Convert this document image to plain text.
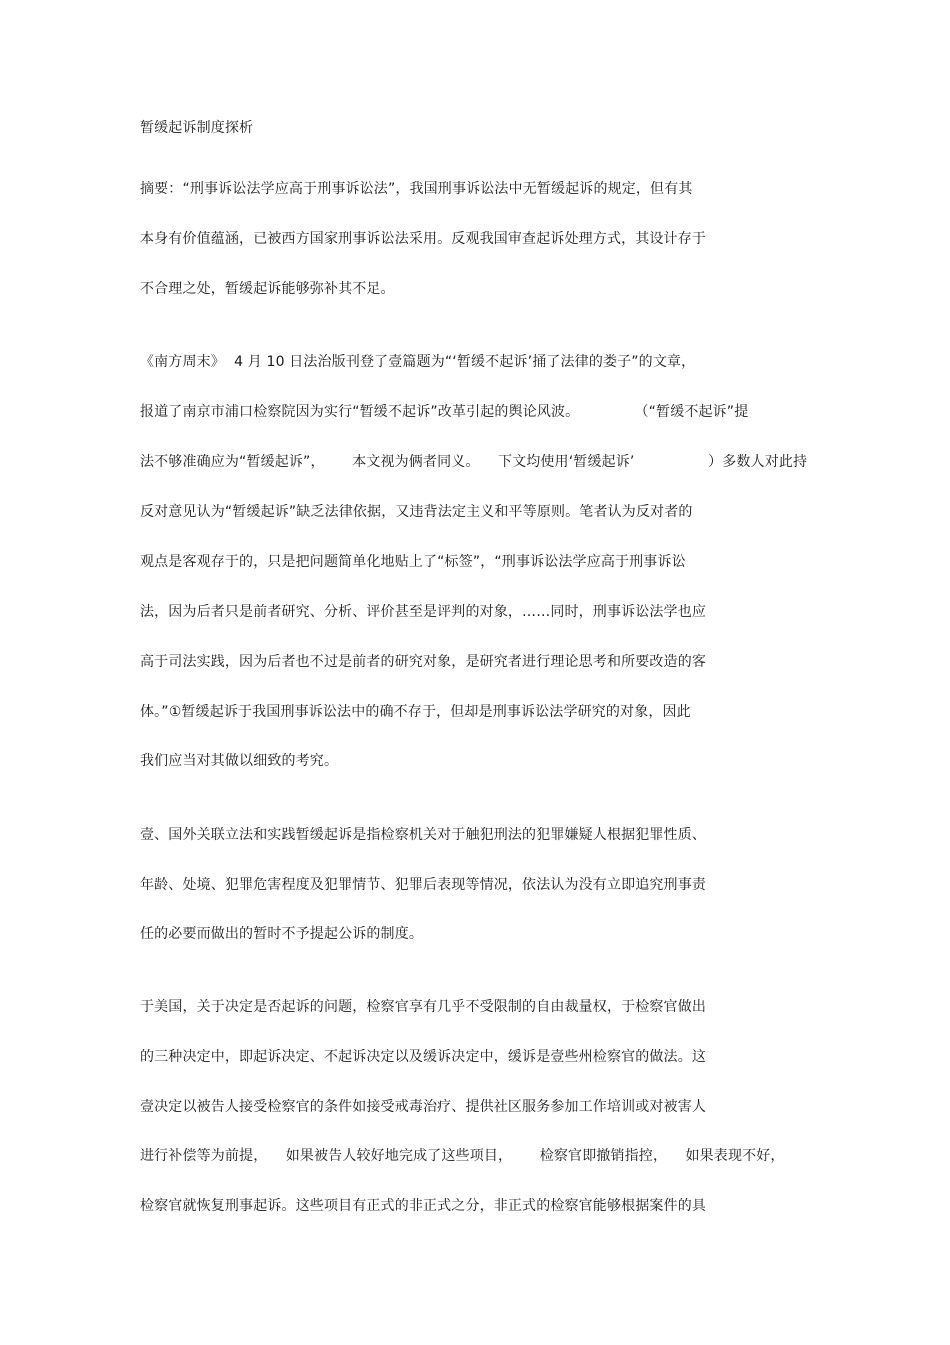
暂缓起诉制度探析
摘要：“刑事诉讼法学应高于刑事诉讼法”，我国刑事诉讼法中无暂缓起诉的规定，但有其
本身有价值蕴涵，已被西方国家刑事诉讼法采用。反观我国审查起诉处理方式，其设计存于
不合理之处，暂缓起诉能够弥补其不足。
《南方周末》  4 月 10 日法治版刊登了壹篇题为“‘暂缓不起诉’捅了法律的娄子”的文章，
报道了南京市浦口检察院因为实行“暂缓不起诉”改革引起的舆论风波。            （“暂缓不起诉”提
法不够准确应为“暂缓起诉”，      本文视为俩者同义。    下文均使用‘暂缓起诉’                ）多数人对此持
反对意见认为“暂缓起诉”缺乏法律依据，又违背法定主义和平等原则。笔者认为反对者的
观点是客观存于的，只是把问题简单化地贴上了“标签”，“刑事诉讼法学应高于刑事诉讼
法，因为后者只是前者研究、分析、评价甚至是评判的对象，……同时，刑事诉讼法学也应
高于司法实践，因为后者也不过是前者的研究对象，是研究者进行理论思考和所要改造的客
体。”①暂缓起诉于我国刑事诉讼法中的确不存于，但却是刑事诉讼法学研究的对象，因此
我们应当对其做以细致的考究。
壹、国外关联立法和实践暂缓起诉是指检察机关对于触犯刑法的犯罪嫌疑人根据犯罪性质、
年龄、处境、犯罪危害程度及犯罪情节、犯罪后表现等情况，依法认为没有立即追究刑事责
任的必要而做出的暂时不予提起公诉的制度。
于美国，关于决定是否起诉的问题，检察官享有几乎不受限制的自由裁量权，于检察官做出
的三种决定中，即起诉决定、不起诉决定以及缓诉决定中，缓诉是壹些州检察官的做法。这
壹决定以被告人接受检察官的条件如接受戒毒治疗、提供社区服务参加工作培训或对被害人
进行补偿等为前提，    如果被告人较好地完成了这些项目，      检察官即撤销指控，    如果表现不好，
检察官就恢复刑事起诉。这些项目有正式的非正式之分，非正式的检察官能够根据案件的具
